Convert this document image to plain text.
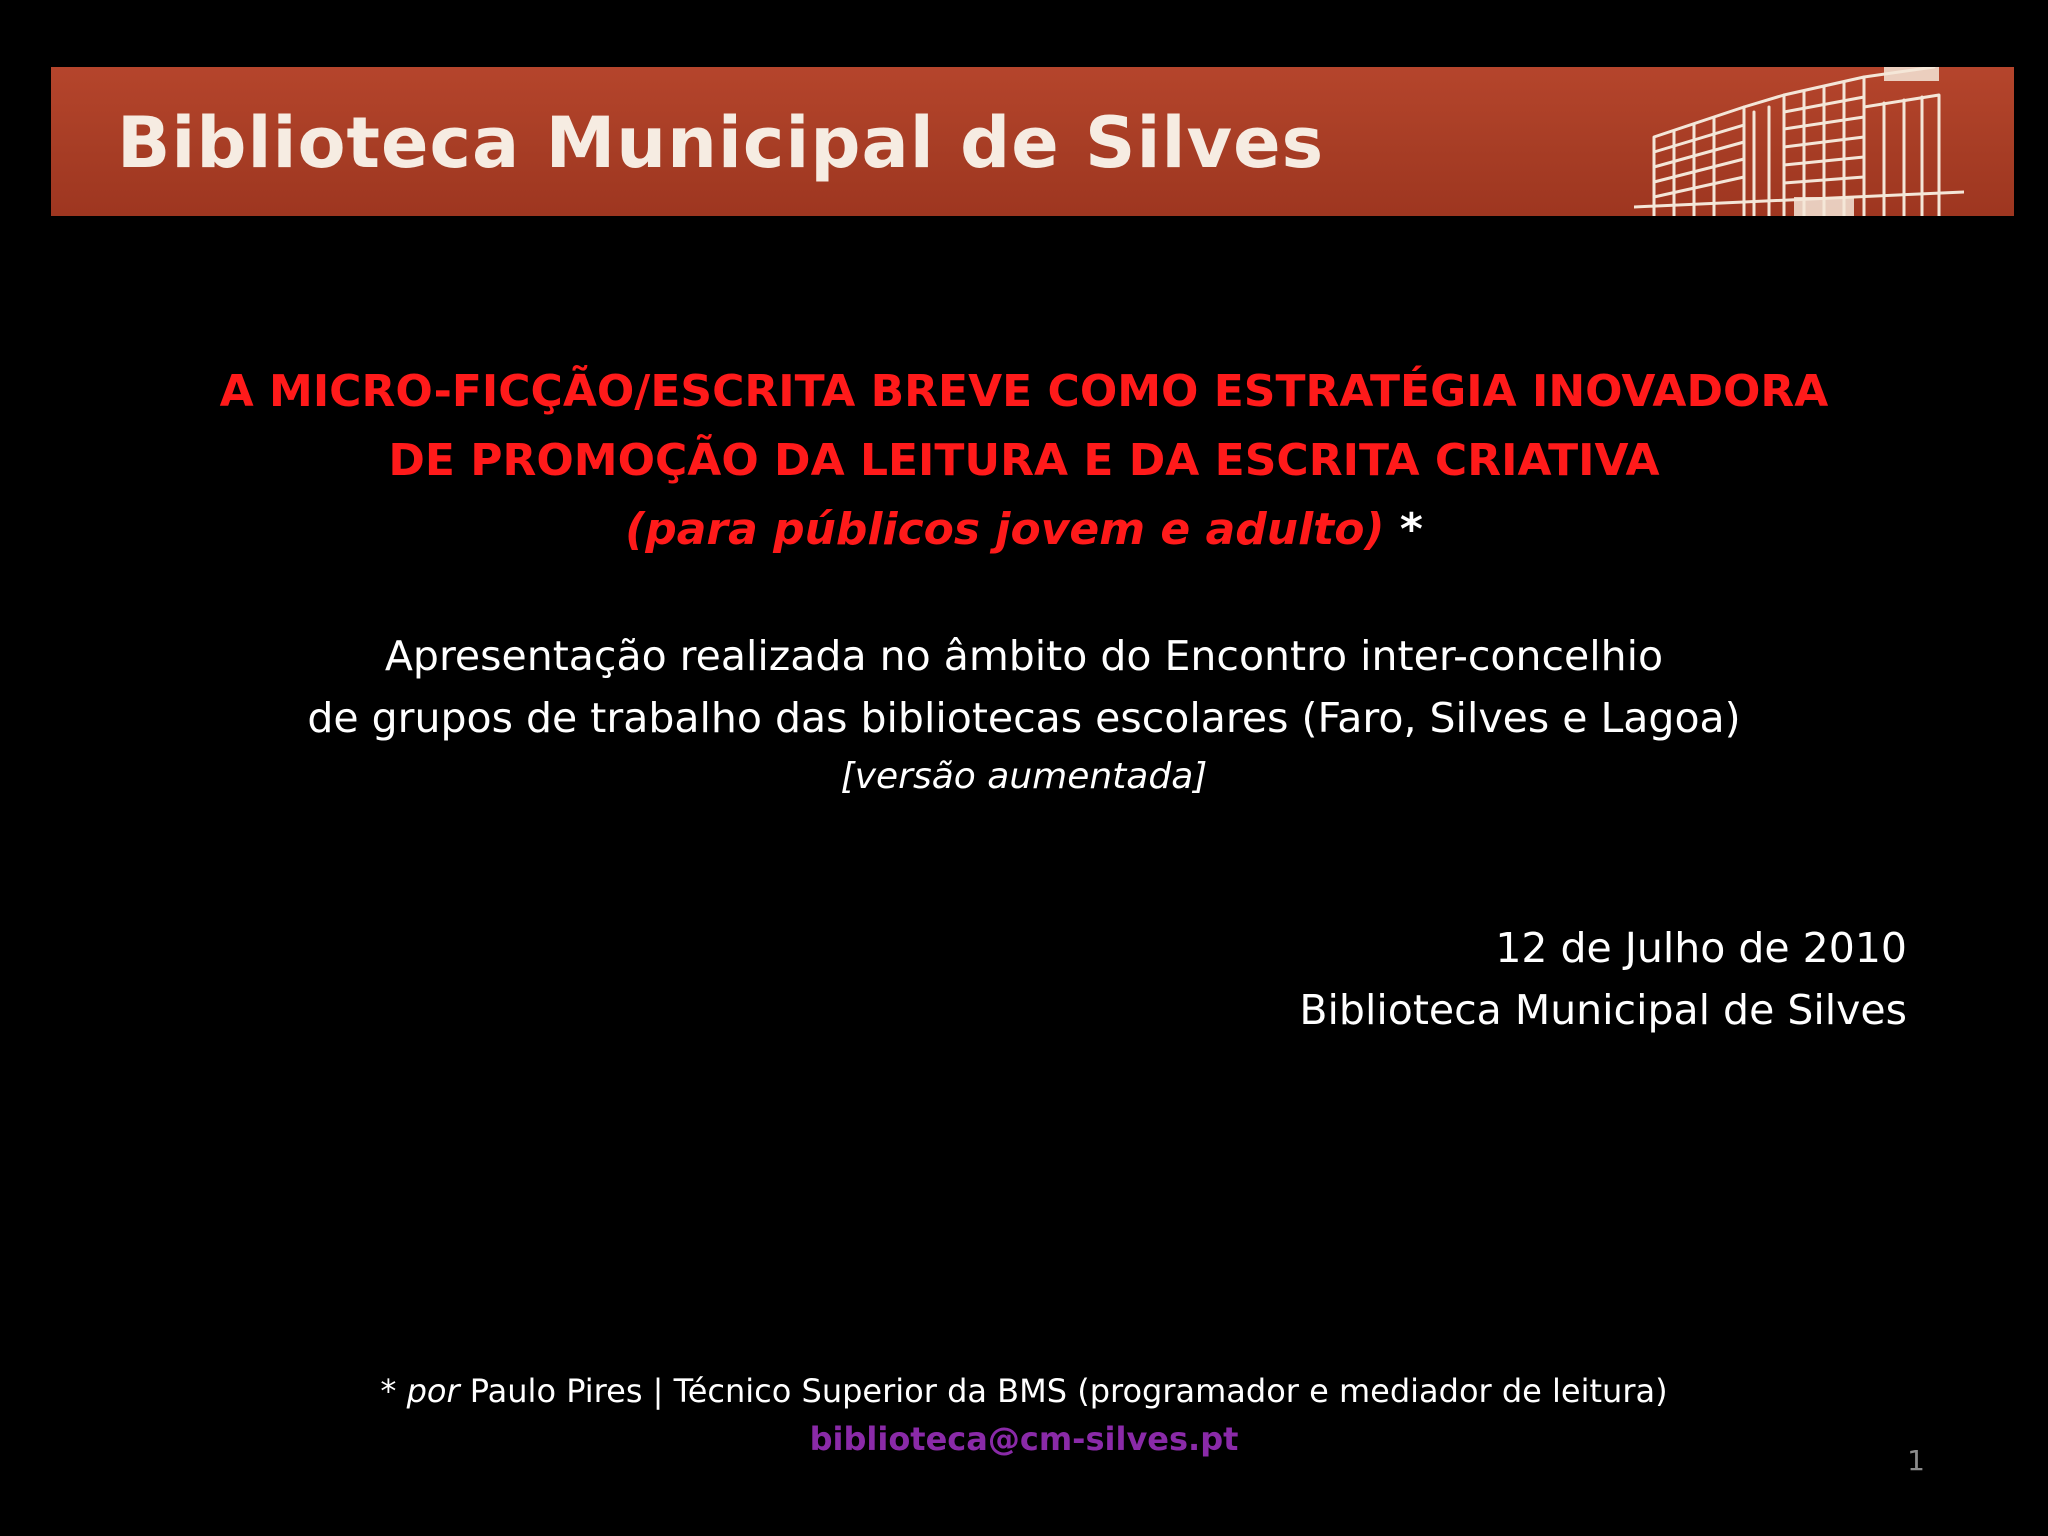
Biblioteca Municipal de Silves
A MICRO-FICÇÃO/ESCRITA BREVE COMO ESTRATÉGIA INOVADORA
DE PROMOÇÃO DA LEITURA E DA ESCRITA CRIATIVA
(para públicos jovem e adulto) *
Apresentação realizada no âmbito do Encontro inter-concelhio
de grupos de trabalho das bibliotecas escolares (Faro, Silves e Lagoa)
[versão aumentada]
12 de Julho de 2010
Biblioteca Municipal de Silves
* por Paulo Pires | Técnico Superior da BMS (programador e mediador de leitura)
biblioteca@cm-silves.pt
1
